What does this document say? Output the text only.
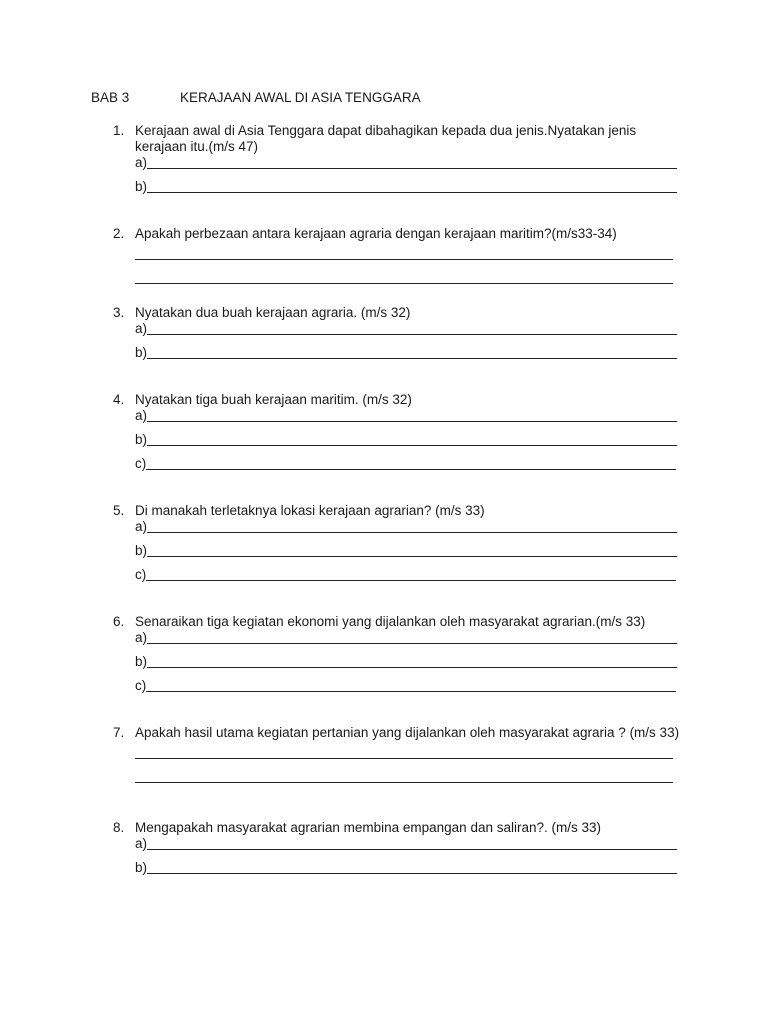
BAB 3	KERAJAAN AWAL DI ASIA TENGGARA
1. Kerajaan awal di Asia Tenggara dapat dibahagikan kepada dua jenis.Nyatakan jenis kerajaan itu.(m/s 47)
a)
b)
2. Apakah perbezaan antara kerajaan agraria dengan kerajaan maritim?(m/s33-34)
3. Nyatakan dua buah kerajaan agraria. (m/s 32)
a)
b)
4. Nyatakan tiga buah kerajaan maritim. (m/s 32)
a)
b)
c)
5. Di manakah terletaknya lokasi kerajaan agrarian? (m/s 33)
a)
b)
c)
6. Senaraikan tiga kegiatan ekonomi yang dijalankan oleh masyarakat agrarian.(m/s 33)
a)
b)
c)
7. Apakah hasil utama kegiatan pertanian yang dijalankan oleh masyarakat agraria ? (m/s 33)
8. Mengapakah masyarakat agrarian membina empangan dan saliran?. (m/s 33)
a)
b)
